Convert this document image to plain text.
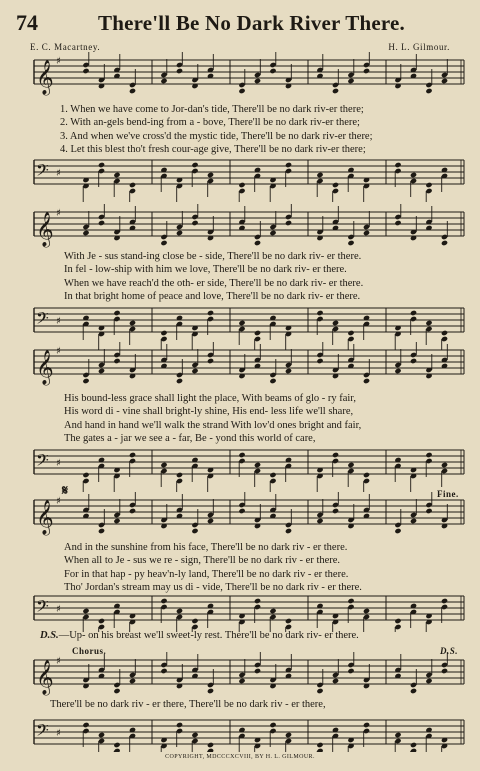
74	There'll Be No Dark River There.
E. C. Macartney.	H. L. Gilmour.
𝄞 ♯
1. When we have come to Jor-dan's tide, There'll be no dark riv-er there;
2. With an-gels bend-ing from a - bove, There'll be no dark riv-er there;
3. And when we've cross'd the mystic tide, There'll be no dark riv-er there;
4. Let this blest tho't fresh cour-age give, There'll be no dark riv-er there;
𝄢 ♯
𝄞 ♯
With Je - sus stand-ing close be - side, There'll be no dark riv- er there.
In fel - low-ship with him we love, There'll be no dark riv- er there.
When we have reach'd the oth- er side, There'll be no dark riv- er there.
In that bright home of peace and love, There'll be no dark riv- er there.
𝄢 ♯
𝄞 ♯
His bound-less grace shall light the place, With beams of glo - ry fair,
His word di - vine shall bright-ly shine, His end- less life we'll share,
And hand in hand we'll walk the strand With lov'd ones bright and fair,
The gates a - jar we see a - far, Be - yond this world of care,
𝄢 ♯
𝄋	Fine.
𝄞 ♯
And in the sunshine from his face, There'll be no dark riv - er there.
When all to Je - sus we re - sign, There'll be no dark riv - er there.
For in that hap - py heav'n-ly land, There'll be no dark riv - er there.
Tho' Jordan's stream may us di - vide, There'll be no dark riv - er there.
𝄢 ♯
D.S.—Up- on his breast we'll sweet-ly rest. There'll be no dark riv- er there.
Chorus.	D.S.
𝄞 ♯
There'll be no dark riv - er there, There'll be no dark riv - er there,
𝄢 ♯
COPYRIGHT, MDCCCXCVIII, BY H. L. GILMOUR.
